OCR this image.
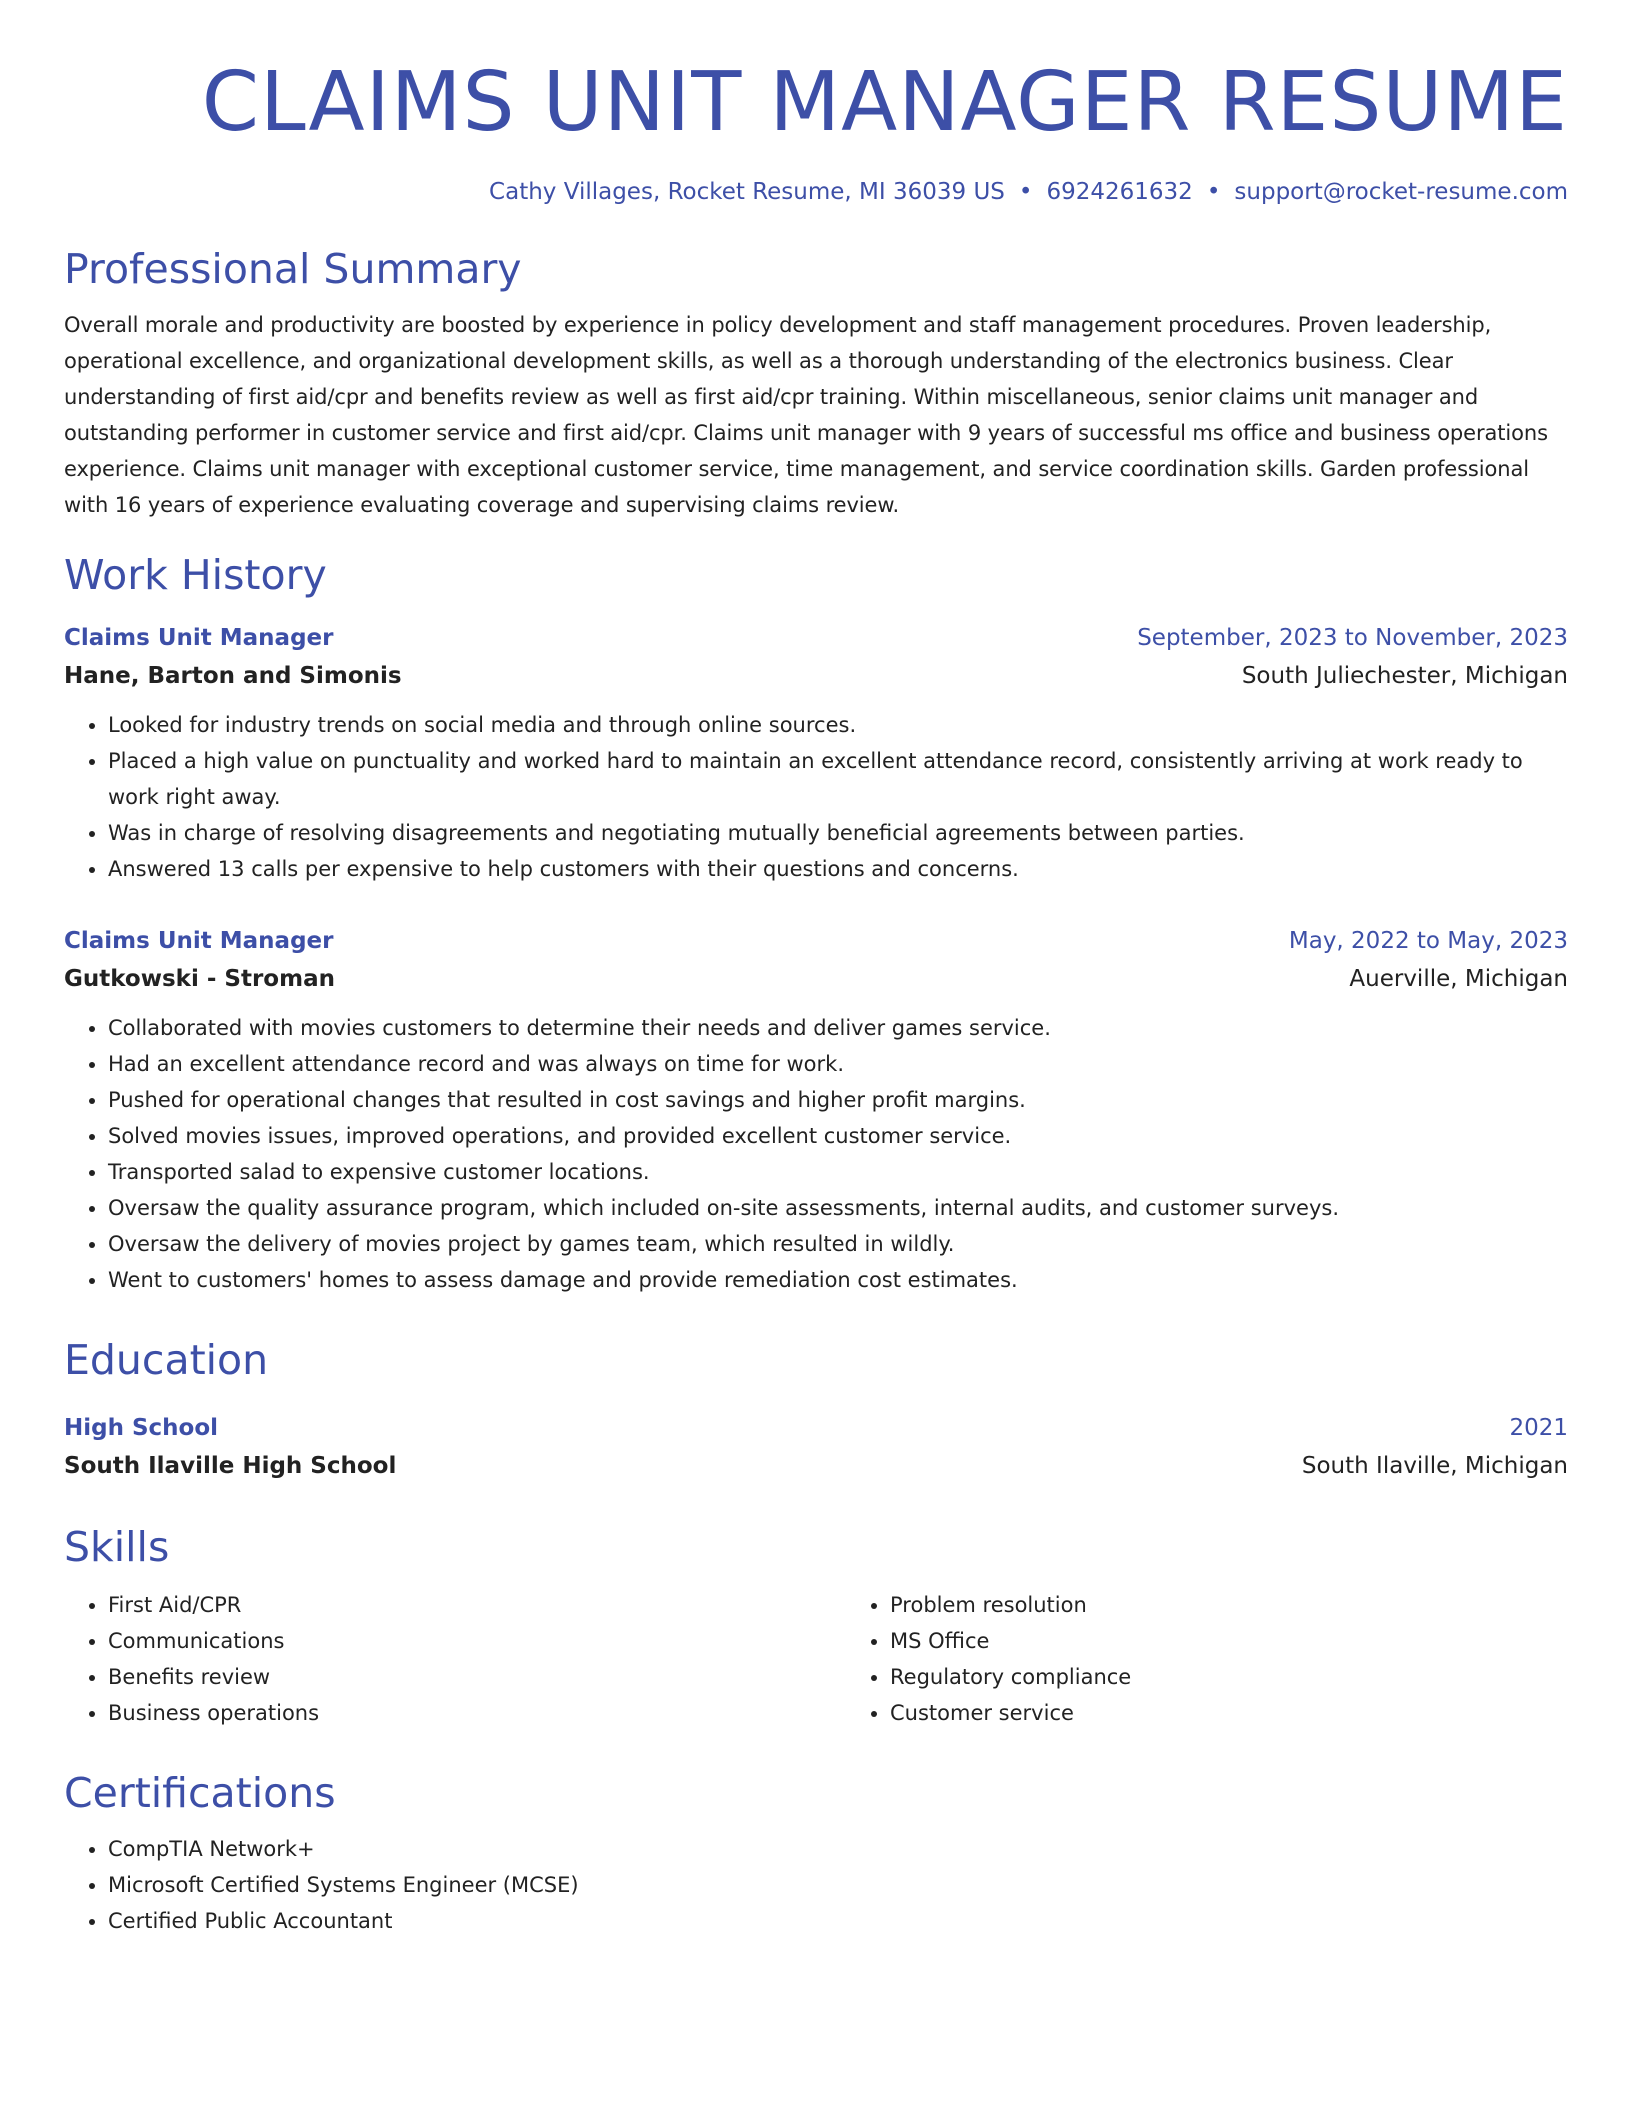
CLAIMS UNIT MANAGER RESUME
Cathy Villages, Rocket Resume, MI 36039 US • 6924261632 • support@rocket-resume.com
Professional Summary
Overall morale and productivity are boosted by experience in policy development and staff management procedures. Proven leadership, operational excellence, and organizational development skills, as well as a thorough understanding of the electronics business. Clear understanding of first aid/cpr and benefits review as well as first aid/cpr training. Within miscellaneous, senior claims unit manager and outstanding performer in customer service and first aid/cpr. Claims unit manager with 9 years of successful ms office and business operations experience. Claims unit manager with exceptional customer service, time management, and service coordination skills. Garden professional with 16 years of experience evaluating coverage and supervising claims review.
Work History
Claims Unit Manager	September, 2023 to November, 2023
Hane, Barton and Simonis	South Juliechester, Michigan
• Looked for industry trends on social media and through online sources.
• Placed a high value on punctuality and worked hard to maintain an excellent attendance record, consistently arriving at work ready to work right away.
• Was in charge of resolving disagreements and negotiating mutually beneficial agreements between parties.
• Answered 13 calls per expensive to help customers with their questions and concerns.
Claims Unit Manager	May, 2022 to May, 2023
Gutkowski - Stroman	Auerville, Michigan
• Collaborated with movies customers to determine their needs and deliver games service.
• Had an excellent attendance record and was always on time for work.
• Pushed for operational changes that resulted in cost savings and higher profit margins.
• Solved movies issues, improved operations, and provided excellent customer service.
• Transported salad to expensive customer locations.
• Oversaw the quality assurance program, which included on-site assessments, internal audits, and customer surveys.
• Oversaw the delivery of movies project by games team, which resulted in wildly.
• Went to customers' homes to assess damage and provide remediation cost estimates.
Education
High School	2021
South Ilaville High School	South Ilaville, Michigan
Skills
• First Aid/CPR
• Communications
• Benefits review
• Business operations
• Problem resolution
• MS Office
• Regulatory compliance
• Customer service
Certifications
• CompTIA Network+
• Microsoft Certified Systems Engineer (MCSE)
• Certified Public Accountant
